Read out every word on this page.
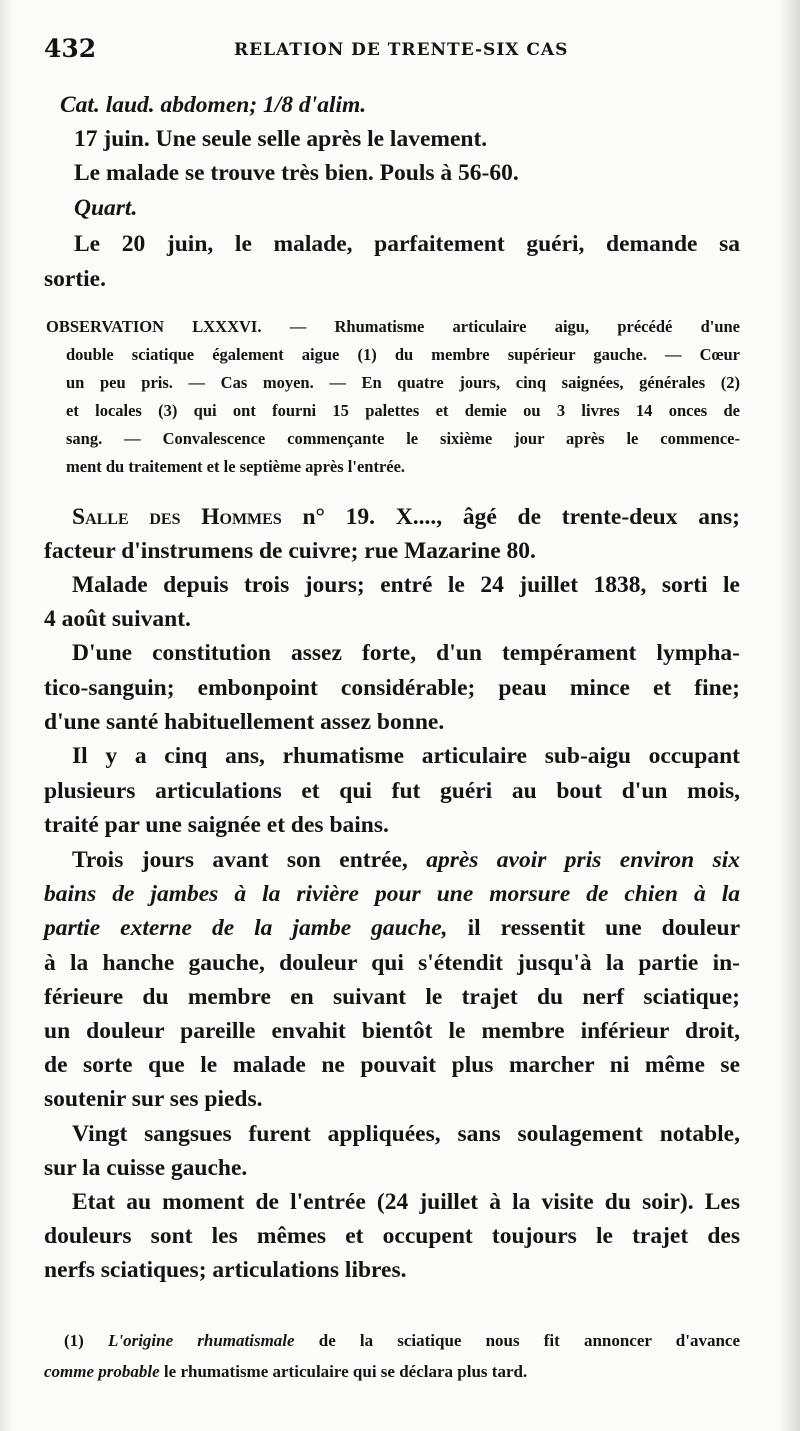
432	RELATION DE TRENTE-SIX CAS
Cat. laud. abdomen; 1/8 d'alim.
17 juin. Une seule selle après le lavement.
Le malade se trouve très bien. Pouls à 56-60.
Quart.
Le 20 juin, le malade, parfaitement guéri, demande sa
sortie.
OBSERVATION LXXXVI. — Rhumatisme articulaire aigu, précédé d'une
double sciatique également aigue (1) du membre supérieur gauche. — Cœur
un peu pris. — Cas moyen. — En quatre jours, cinq saignées, générales (2)
et locales (3) qui ont fourni 15 palettes et demie ou 3 livres 14 onces de
sang. — Convalescence commençante le sixième jour après le commence-
ment du traitement et le septième après l'entrée.
Salle des Hommes n° 19. X...., âgé de trente-deux ans;
facteur d'instrumens de cuivre; rue Mazarine 80.
Malade depuis trois jours; entré le 24 juillet 1838, sorti le
4 août suivant.
D'une constitution assez forte, d'un tempérament lympha-
tico-sanguin; embonpoint considérable; peau mince et fine;
d'une santé habituellement assez bonne.
Il y a cinq ans, rhumatisme articulaire sub-aigu occupant
plusieurs articulations et qui fut guéri au bout d'un mois,
traité par une saignée et des bains.
Trois jours avant son entrée, après avoir pris environ six
bains de jambes à la rivière pour une morsure de chien à la
partie externe de la jambe gauche, il ressentit une douleur
à la hanche gauche, douleur qui s'étendit jusqu'à la partie in-
férieure du membre en suivant le trajet du nerf sciatique;
un douleur pareille envahit bientôt le membre inférieur droit,
de sorte que le malade ne pouvait plus marcher ni même se
soutenir sur ses pieds.
Vingt sangsues furent appliquées, sans soulagement notable,
sur la cuisse gauche.
Etat au moment de l'entrée (24 juillet à la visite du soir). Les
douleurs sont les mêmes et occupent toujours le trajet des
nerfs sciatiques; articulations libres.
(1) L'origine rhumatismale de la sciatique nous fit annoncer d'avance
comme probable le rhumatisme articulaire qui se déclara plus tard.
